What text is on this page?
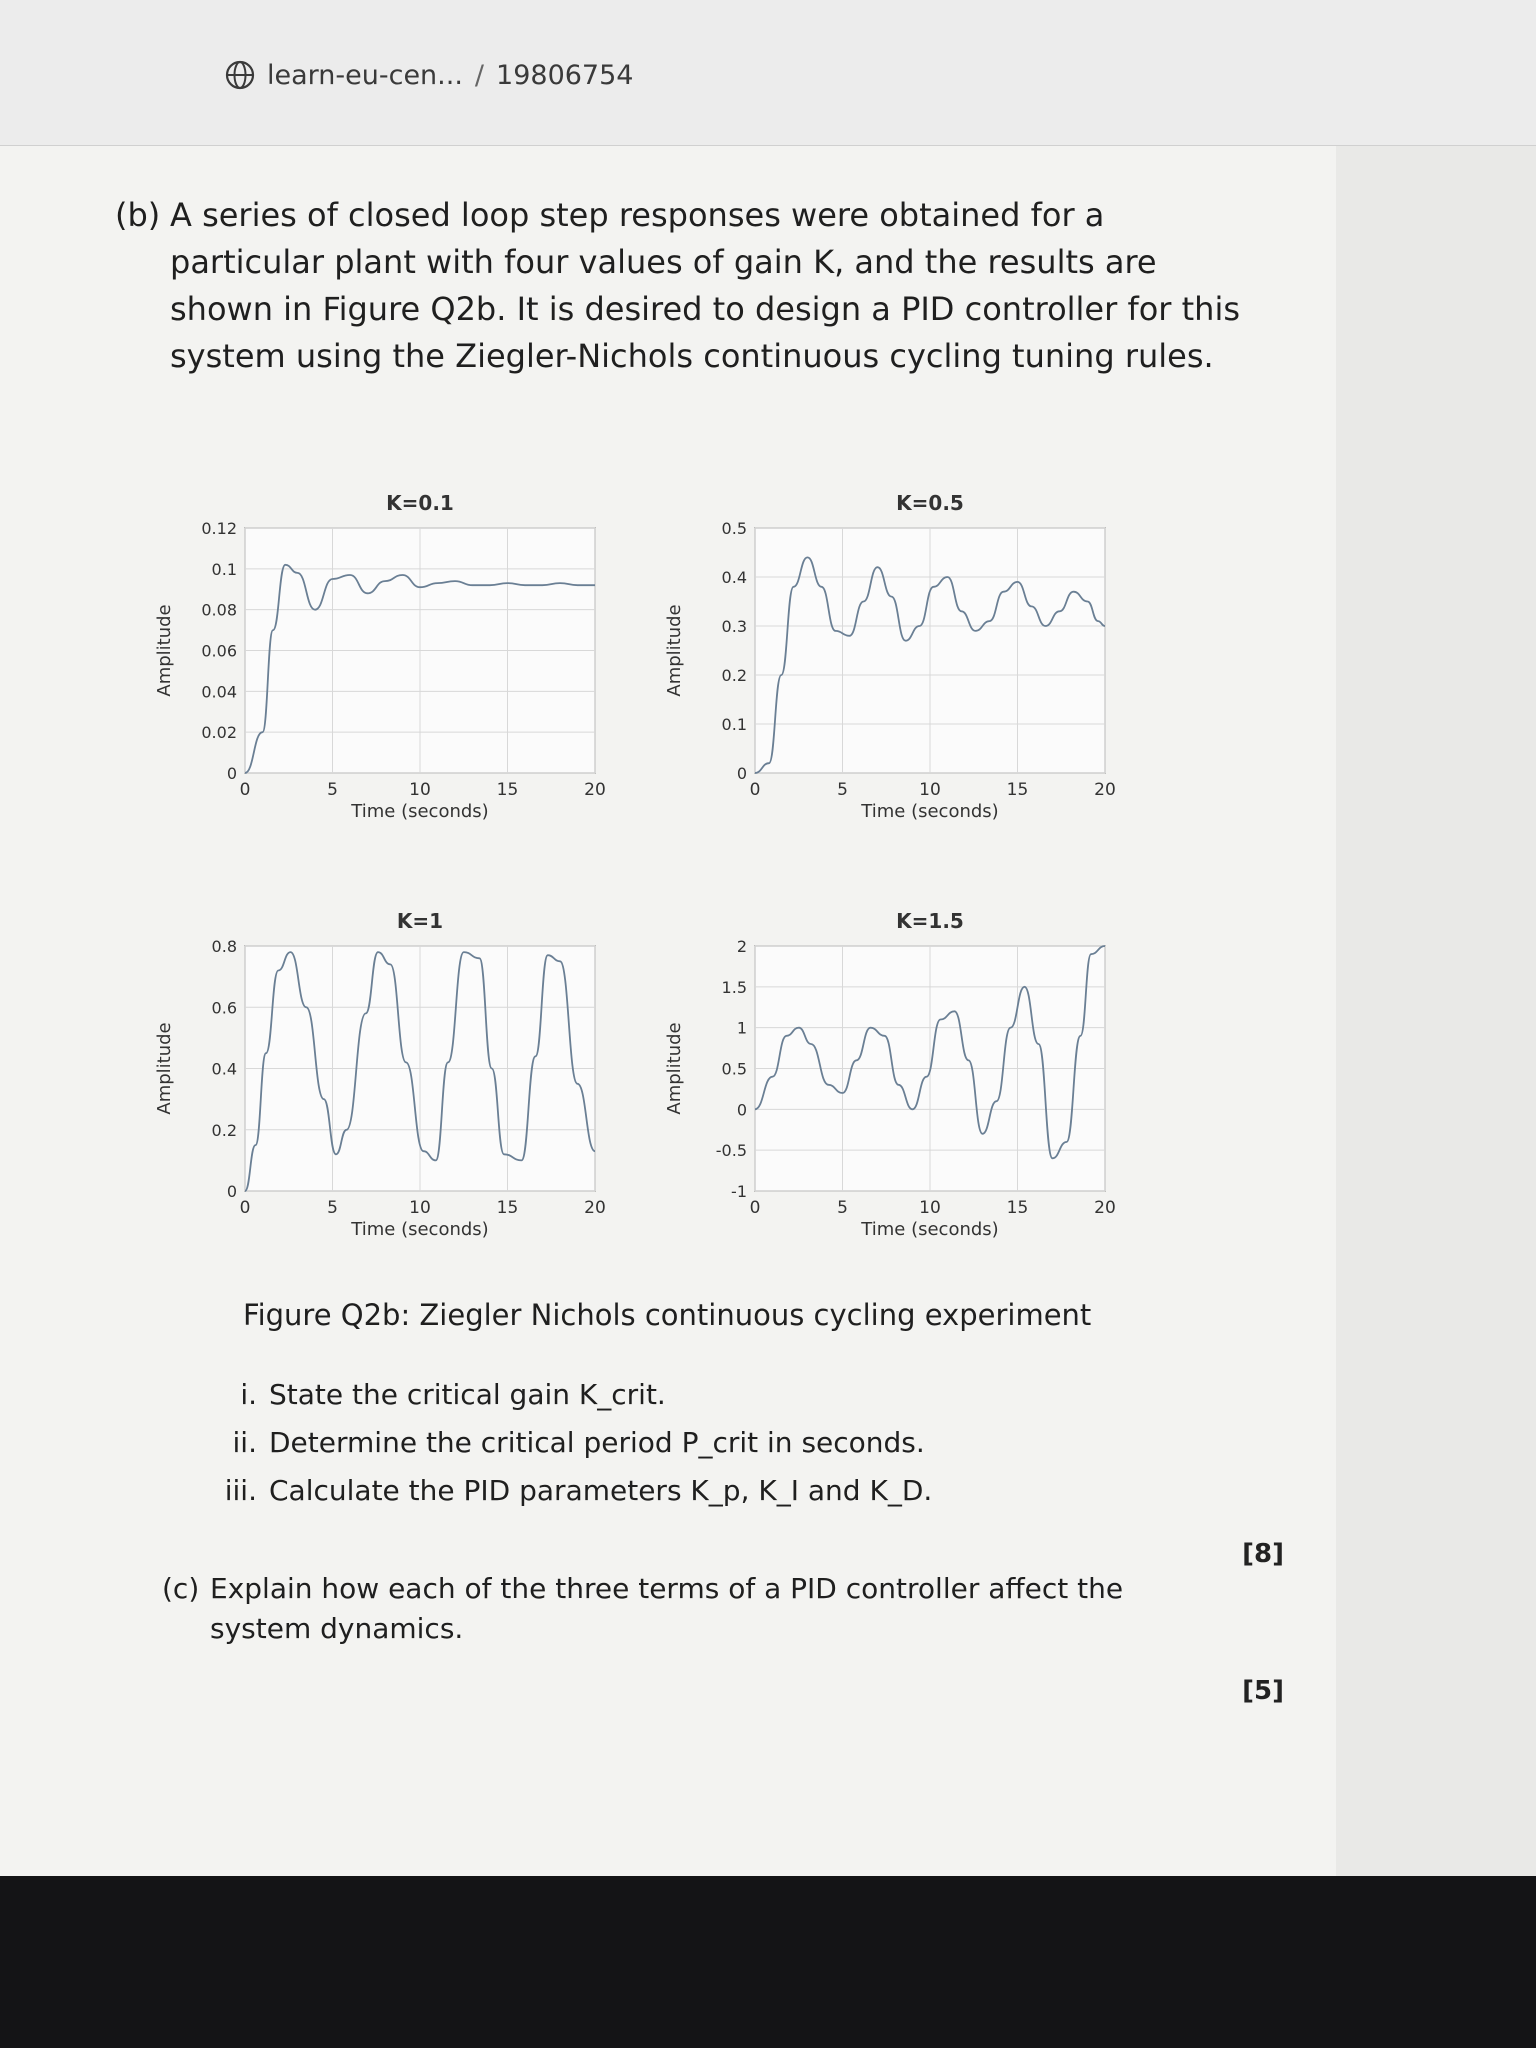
learn-eu-cen... / 19806754
(b) A series of closed loop step responses were obtained for a particular plant with four values of gain K, and the results are shown in Figure Q2b. It is desired to design a PID controller for this system using the Ziegler-Nichols continuous cycling tuning rules.
K=0.1
0	5	10	15	20
0
0.02
0.04
0.06
0.08
0.1
0.12
Time (seconds)
Amplitude
K=0.5
0	5	10	15	20
0
0.1
0.2
0.3
0.4
0.5
Time (seconds)
Amplitude
K=1
0	5	10	15	20
0
0.2
0.4
0.6
0.8
Time (seconds)
Amplitude
K=1.5
0	5	10	15	20
-1
-0.5
0
0.5
1
1.5
2
Time (seconds)
Amplitude
Figure Q2b: Ziegler Nichols continuous cycling experiment
i. State the critical gain K_crit.
ii. Determine the critical period P_crit in seconds.
iii. Calculate the PID parameters K_p, K_I and K_D.
[8]
(c) Explain how each of the three terms of a PID controller affect the system dynamics.
[5]
